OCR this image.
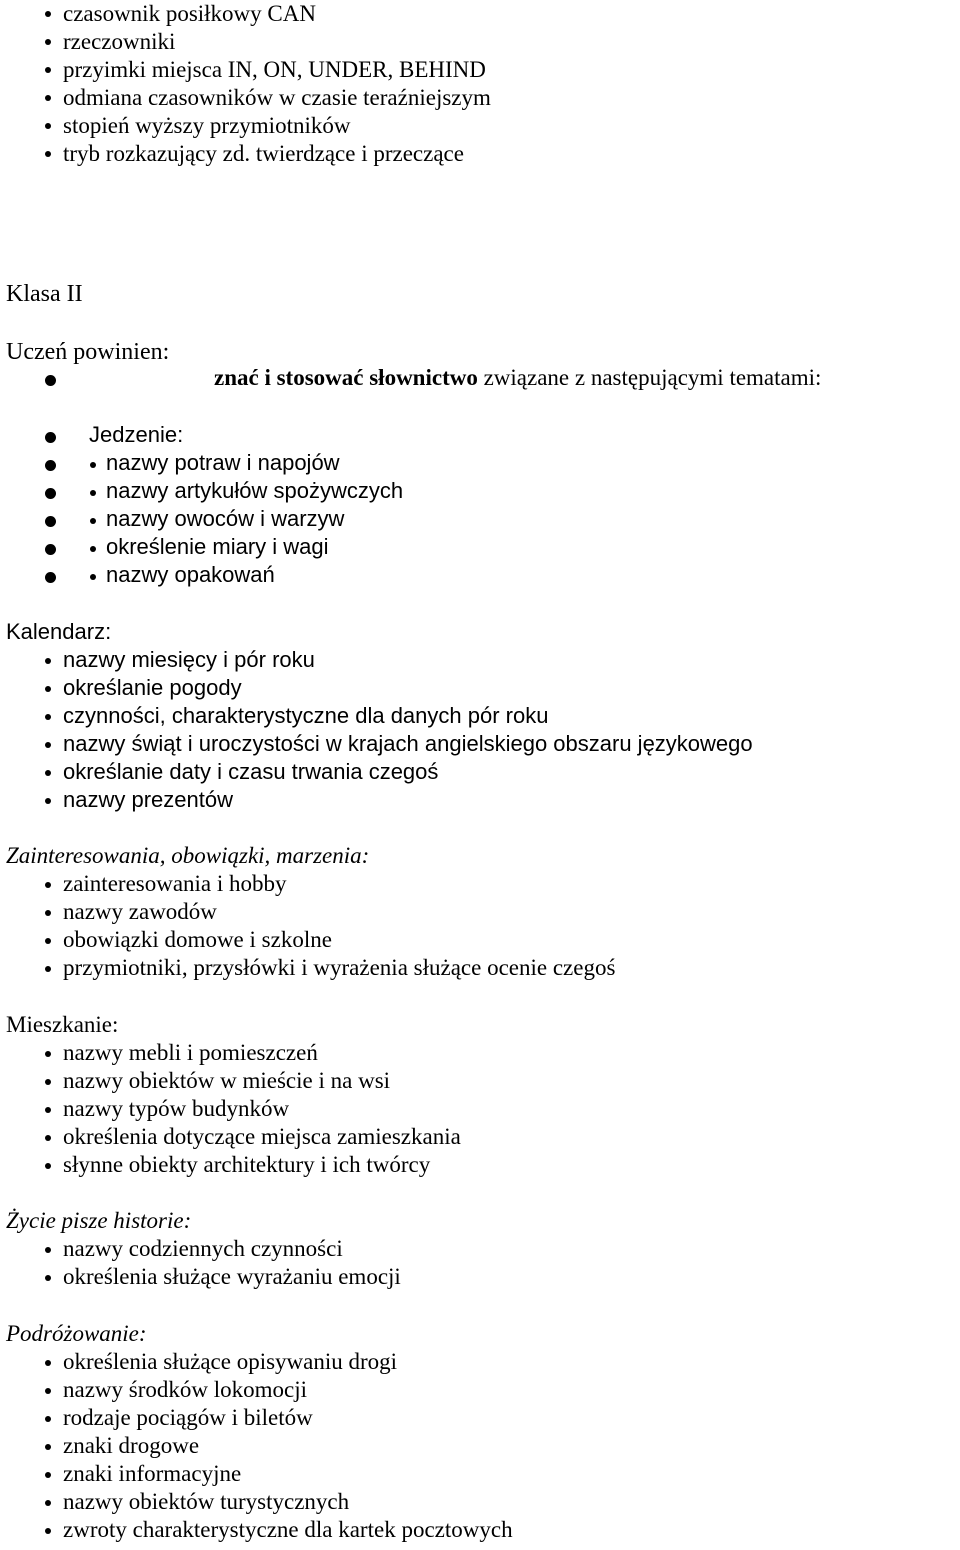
czasownik posiłkowy CAN
rzeczowniki
przyimki miejsca IN, ON, UNDER, BEHIND
odmiana czasowników w czasie teraźniejszym
stopień wyższy przymiotników
tryb rozkazujący zd. twierdzące i przeczące
Klasa II
Uczeń powinien:
znać i stosować słownictwo związane z następującymi tematami:
Jedzenie:
nazwy potraw i napojów
nazwy artykułów spożywczych
nazwy owoców i warzyw
określenie miary i wagi
nazwy opakowań
Kalendarz:
nazwy miesięcy i pór roku
określanie pogody
czynności, charakterystyczne dla danych pór roku
nazwy świąt i uroczystości w krajach angielskiego obszaru językowego
określanie daty i czasu trwania czegoś
nazwy prezentów
Zainteresowania, obowiązki, marzenia:
zainteresowania i hobby
nazwy zawodów
obowiązki domowe i szkolne
przymiotniki, przysłówki i wyrażenia służące ocenie czegoś
Mieszkanie:
nazwy mebli i pomieszczeń
nazwy obiektów w mieście i na wsi
nazwy typów budynków
określenia dotyczące miejsca zamieszkania
słynne obiekty architektury i ich twórcy
Życie pisze historie:
nazwy codziennych czynności
określenia służące wyrażaniu emocji
Podróżowanie:
określenia służące opisywaniu drogi
nazwy środków lokomocji
rodzaje pociągów i biletów
znaki drogowe
znaki informacyjne
nazwy obiektów turystycznych
zwroty charakterystyczne dla kartek pocztowych
